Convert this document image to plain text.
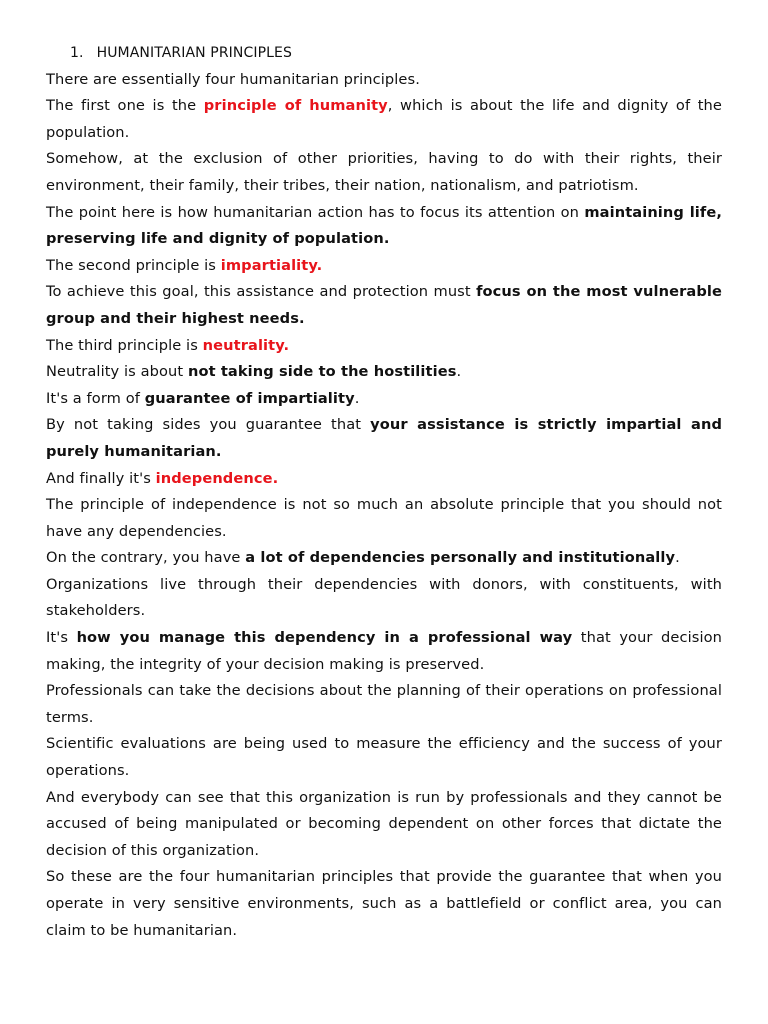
1. HUMANITARIAN PRINCIPLES

There are essentially four humanitarian principles.

The first one is the principle of humanity, which is about the life and dignity of the population.

Somehow, at the exclusion of other priorities, having to do with their rights, their environment, their family, their tribes, their nation, nationalism, and patriotism.

The point here is how humanitarian action has to focus its attention on maintaining life, preserving life and dignity of population.

The second principle is impartiality.

To achieve this goal, this assistance and protection must focus on the most vulnerable group and their highest needs.

The third principle is neutrality.

Neutrality is about not taking side to the hostilities.

It's a form of guarantee of impartiality.

By not taking sides you guarantee that your assistance is strictly impartial and purely humanitarian.

And finally it's independence.

The principle of independence is not so much an absolute principle that you should not have any dependencies.

On the contrary, you have a lot of dependencies personally and institutionally.

Organizations live through their dependencies with donors, with constituents, with stakeholders.

It's how you manage this dependency in a professional way that your decision making, the integrity of your decision making is preserved.

Professionals can take the decisions about the planning of their operations on professional terms.

Scientific evaluations are being used to measure the efficiency and the success of your operations.

And everybody can see that this organization is run by professionals and they cannot be accused of being manipulated or becoming dependent on other forces that dictate the decision of this organization.

So these are the four humanitarian principles that provide the guarantee that when you operate in very sensitive environments, such as a battlefield or conflict area, you can claim to be humanitarian.
